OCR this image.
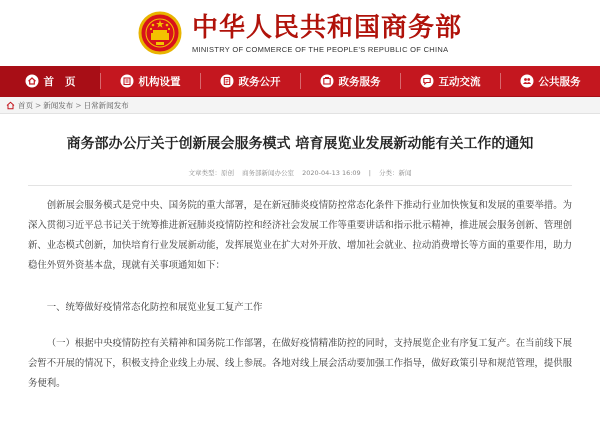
中华人民共和国商务部
MINISTRY OF COMMERCE OF THE PEOPLE'S REPUBLIC OF CHINA
首   页	机构设置	政务公开	政务服务	互动交流	公共服务
首页 > 新闻发布 > 日常新闻发布
商务部办公厅关于创新展会服务模式 培育展览业发展新动能有关工作的通知
文章类型：原创 商务部新闻办公室 2020-04-13 16:09 | 分类：新闻

创新展会服务模式是党中央、国务院的重大部署，是在新冠肺炎疫情防控常态化条件下推动行业加快恢复和发展的重要举措。为深入贯彻习近平总书记关于统筹推进新冠肺炎疫情防控和经济社会发展工作等重要讲话和指示批示精神，推进展会服务创新、管理创新、业态模式创新，加快培育行业发展新动能，发挥展览业在扩大对外开放、增加社会就业、拉动消费增长等方面的重要作用，助力稳住外贸外资基本盘，现就有关事项通知如下：

一、统筹做好疫情常态化防控和展览业复工复产工作

（一）根据中央疫情防控有关精神和国务院工作部署，在做好疫情精准防控的同时，支持展览企业有序复工复产。在当前线下展会暂不开展的情况下，积极支持企业线上办展、线上参展。各地对线上展会活动要加强工作指导，做好政策引导和规范管理，提供服务便利。
